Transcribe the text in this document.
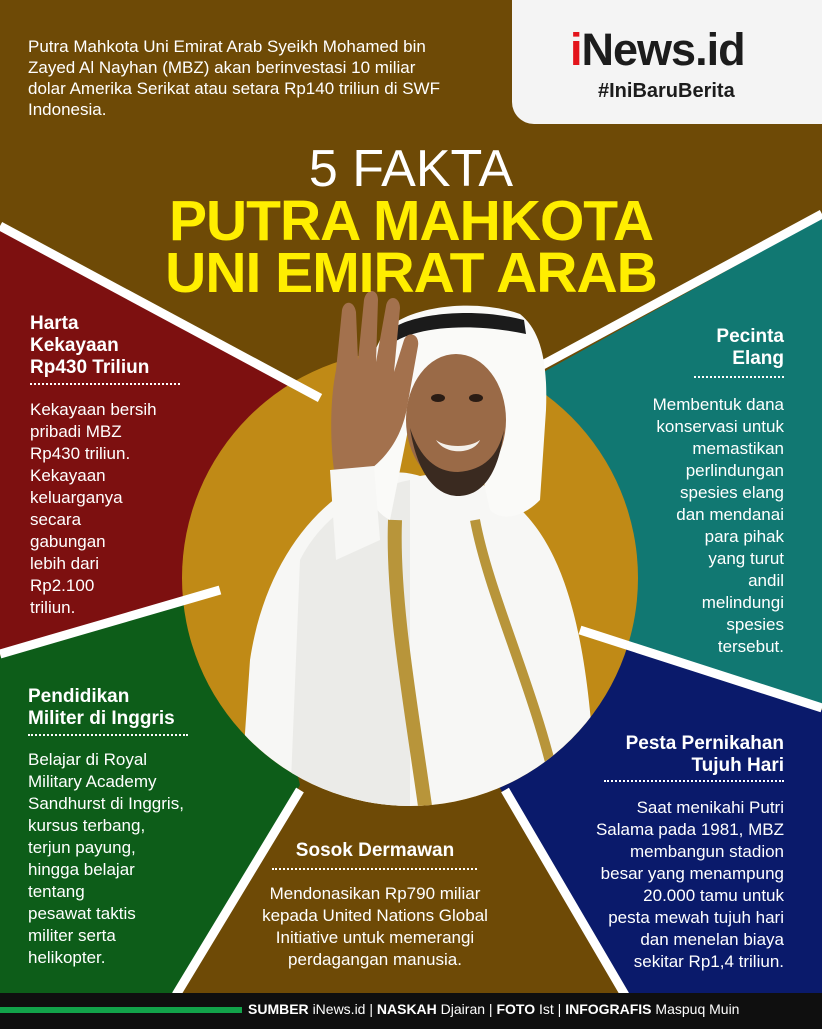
Putra Mahkota Uni Emirat Arab Syeikh Mohamed bin Zayed Al Nayhan (MBZ) akan berinvestasi 10 miliar dolar Amerika Serikat atau setara Rp140 triliun di SWF Indonesia.

iNews.id
#IniBaruBerita

5 FAKTA

PUTRA MAHKOTA

UNI EMIRAT ARAB

Harta
Kekayaan
Rp430 Triliun
Kekayaan bersih
pribadi MBZ
Rp430 triliun.
Kekayaan
keluarganya
secara
gabungan
lebih dari
Rp2.100
triliun.
Pecinta
Elang
Membentuk dana
konservasi untuk
memastikan
perlindungan
spesies elang
dan mendanai
para pihak
yang turut
andil
melindungi
spesies
tersebut.
Pendidikan
Militer di Inggris
Belajar di Royal
Military Academy
Sandhurst di Inggris,
kursus terbang,
terjun payung,
hingga belajar
tentang
pesawat taktis
militer serta
helikopter.
Pesta Pernikahan
Tujuh Hari
Saat menikahi Putri
Salama pada 1981, MBZ
membangun stadion
besar yang menampung
20.000 tamu untuk
pesta mewah tujuh hari
dan menelan biaya
sekitar Rp1,4 triliun.
Sosok Dermawan
Mendonasikan Rp790 miliar
kepada United Nations Global
Initiative untuk memerangi
perdagangan manusia.
SUMBER iNews.id | NASKAH Djairan | FOTO Ist | INFOGRAFIS Maspuq Muin
